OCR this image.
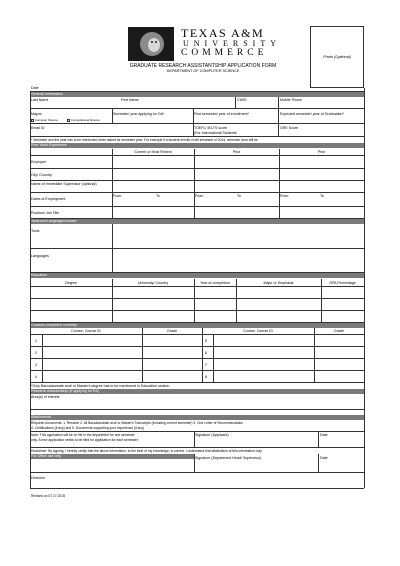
TEXAS A&M
UNIVERSITY
COMMERCE	Photo (Optional)
GRADUATE RESEARCH ASSISTANTSHIP APPLICATION FORM
DEPARTMENT OF COMPUTER SCIENCE
Date
General Information
Last Name	First Name	CWID	Mobile Phone
Majors
Computer Science	Computational Science
Semester/ year applying for GA*	First semester/ year of enrollment*	Expected semester/ year of Graduation*
Email ID	TOEFL/ IELTS score
(For International Students
GRE Score
* Semester and the year has to be mentioned when asked for semester year. For example if a student enrolls in fall semester of 2014, semester year will be
Prior Work Experience
Current or Most Recent	Prior	Prior
Employer
City/ Country
Name of Immediate Supervisor (optional)
Dates of Employment
From	To	From	To	From	To
Position/ Job Title
Tools and Languages known
Tools
Languages
Education
Degree	University/ Country	Year of completion	Major or Emphasis	GPA Percentage
Courses completed currently
Course, Course ID	Grade	Course, Course ID	Grade
1	5
2	6
3	7
4	8
*Only Baccalaureate and/ or Master's degree has to be mentioned in Education section
Research Assistantship (if applying for RA)
Area(s) of interest
Attachments
Required documents: 1. Resume 2. All Baccalaureate and/ or Master's Transcripts (including current semester) 3. One Letter of Recommendation
4. Certifications (if any) and 5. Documents supporting your experience (if any)
Note: This application will be on file in the department for one semester
only. A new application needs to be filed for application for each semester
Signature (Applicant)	Date
Disclaimer: By signing, I hereby certify that the above information, to the best of my knowledge, is correct. I understand that falsification of this information may
For Office use only	Signature (Department Head/ Supervisor)	Date
Decision
Revised on 07.27.2015
